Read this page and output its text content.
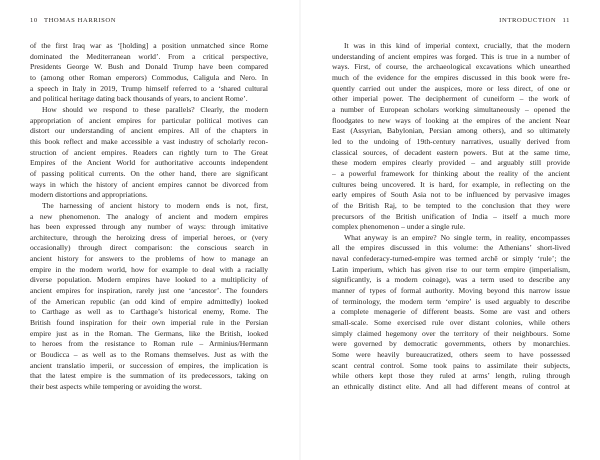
10 THOMAS HARRISON
of the first Iraq war as ‘[holding] a position unmatched since Rome
dominated the Mediterranean world’. From a critical perspective,
Presidents George W. Bush and Donald Trump have been compared
to (among other Roman emperors) Commodus, Caligula and Nero. In
a speech in Italy in 2019, Trump himself referred to a ‘shared cultural
and political heritage dating back thousands of years, to ancient Rome’.
How should we respond to these parallels? Clearly, the modern
appropriation of ancient empires for particular political motives can
distort our understanding of ancient empires. All of the chapters in
this book reflect and make accessible a vast industry of scholarly recon-
struction of ancient empires. Readers can rightly turn to The Great
Empires of the Ancient World for authoritative accounts independent
of passing political currents. On the other hand, there are significant
ways in which the history of ancient empires cannot be divorced from
modern distortions and appropriations.
The harnessing of ancient history to modern ends is not, first,
a new phenomenon. The analogy of ancient and modern empires
has been expressed through any number of ways: through imitative
architecture, through the heroizing dress of imperial heroes, or (very
occasionally) through direct comparison: the conscious search in
ancient history for answers to the problems of how to manage an
empire in the modern world, how for example to deal with a racially
diverse population. Modern empires have looked to a multiplicity of
ancient empires for inspiration, rarely just one ‘ancestor’. The founders
of the American republic (an odd kind of empire admittedly) looked
to Carthage as well as to Carthage’s historical enemy, Rome. The
British found inspiration for their own imperial rule in the Persian
empire just as in the Roman. The Germans, like the British, looked
to heroes from the resistance to Roman rule – Arminius/Hermann
or Boudicca – as well as to the Romans themselves. Just as with the
ancient translatio imperii, or succession of empires, the implication is
that the latest empire is the summation of its predecessors, taking on
their best aspects while tempering or avoiding the worst.
INTRODUCTION 11
It was in this kind of imperial context, crucially, that the modern
understanding of ancient empires was forged. This is true in a number of
ways. First, of course, the archaeological excavations which unearthed
much of the evidence for the empires discussed in this book were fre-
quently carried out under the auspices, more or less direct, of one or
other imperial power. The decipherment of cuneiform – the work of
a number of European scholars working simultaneously – opened the
floodgates to new ways of looking at the empires of the ancient Near
East (Assyrian, Babylonian, Persian among others), and so ultimately
led to the undoing of 19th-century narratives, usually derived from
classical sources, of decadent eastern powers. But at the same time,
these modern empires clearly provided – and arguably still provide
– a powerful framework for thinking about the reality of the ancient
cultures being uncovered. It is hard, for example, in reflecting on the
early empires of South Asia not to be influenced by pervasive images
of the British Raj, to be tempted to the conclusion that they were
precursors of the British unification of India – itself a much more
complex phenomenon – under a single rule.
What anyway is an empire? No single term, in reality, encompasses
all the empires discussed in this volume: the Athenians’ short-lived
naval confederacy-turned-empire was termed archē or simply ‘rule’; the
Latin imperium, which has given rise to our term empire (imperialism,
significantly, is a modern coinage), was a term used to describe any
manner of types of formal authority. Moving beyond this narrow issue
of terminology, the modern term ‘empire’ is used arguably to describe
a complete menagerie of different beasts. Some are vast and others
small-scale. Some exercised rule over distant colonies, while others
simply claimed hegemony over the territory of their neighbours. Some
were governed by democratic governments, others by monarchies.
Some were heavily bureaucratized, others seem to have possessed
scant central control. Some took pains to assimilate their subjects,
while others kept those they ruled at arms’ length, ruling through
an ethnically distinct elite. And all had different means of control at
